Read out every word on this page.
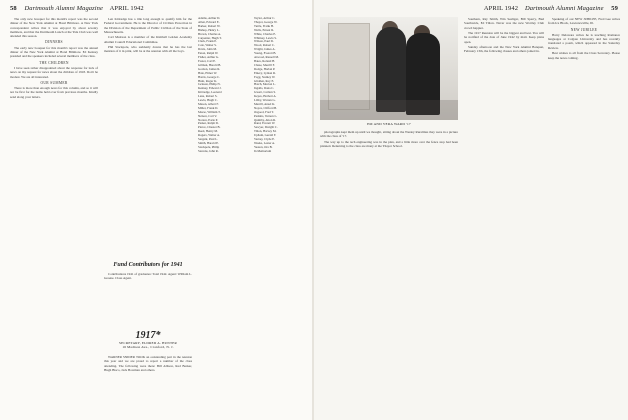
58 Dartmouth Alumni Magazine APRIL 1942

The only new bouquet for this month's report was the second dinner of the New York Alumni at Hotel Biltmore. A New York correspondent writes that it was enjoyed by about seventy members, and that the Dartmouth Lunch at the Yale Club was well attended this season.

DINNERS

The early new bouquet for this month's report was the annual dinner of the New York Alumni at Hotel Biltmore. Ed Kenney presided and the speakers included several members of the class.

THE CHILDREN

I have seen rather disappointed about the response for lack of news on my request for news about the children of 1918. Don't be modest. We are all interested.

OUR SUMMER

There is more than enough news for this column, and so it will not be first for the items held over from previous months. Kindly send along your letters.

Len Kittredge has a title long enough to qualify him for the Federal Government. He is the Director of Civilian Protection in the Division of the Department of Public Civilian of the State of Massachusetts.

Carl Muirson is a member of the Kimball Golden Academy Alumni Council Educational Committee.

Phil Stackpole, who suddenly dawns that he has the last mention of it in print, will be at the reunion with all the boys.

Fund Contributors for 1941

Contributions 1941 of graduates: Total 1942. Agent: William L. Greene. Class Agent.

1917*
SECRETARY, ELDRED A. HUNTER
16 Madison Ave., Cranford, N. J.

WARNER SNIDER TOOK an outstanding part in the reunion this year and we are proud to report a number of the class attending. The following were there: Bill Allison, Red Barker, Hugh Bisco, Jack Bowman and others.

Adams, Arthur D.
Allen, Edward E.
Barker, Robert W.
Bishop, Henry L.
Brown, Charles A.
Carpenter, Hugh T.
Clark, Frank P.
Cole, Walter S.
Davis, John M.
Eaton, Ralph W.
Fisher, Arthur G.
Foster, Carl E.
Gilman, Harold B.
Gordon, James R.
Hale, Elmer W.
Harris, George C.
Hunt, Roger K.
Jackson, Philip N.
Kenney, Edward J.
Kittredge, Leonard
Lane, Robert S.
Lewis, Hugh C.
Mason, Albert F.
Miller, Frank D.
Morse, William T.
Nelson, Carl V.
Norton, Earle P.
Parker, Ralph D.
Pierce, Chester B.
Reed, Henry M.
Rogers, Walter A.
Sargent, Paul L.
Smith, Harold E.
Stackpole, Philip
Stevens, John R.
Taylor, Arthur C.
Thayer, George W.
Tuttle, Frank H.
Wells, Ernest R.
White, Charles E.
Whitney, Lewis S.
Wilson, Paul D.
Wood, Robert C.
Wright, James A.
Young, Everett B.
Atwood, Russell M.
Bates, Roland H.
Chase, Merrill F.
Dodge, Harlan P.
Emery, Lyman R.
Fogg, Stanley W.
Glidden, Roy E.
Hatch, Morton L.
Ingalls, Dana C.
Jewett, Carlton S.
Keyes, Herbert A.
Libby, Warren G.
Merrill, Ansel K.
Noyes, Clifford B.
Osgood, Fred T.
Perkins, Vernon L.
Quimby, Alton R.
Rand, Everett W.
Sawyer, Dwight C.
Tilton, Harvey M.
Upham, Gerald F.
Varney, Clyde E.
Weeks, Lester A.
Yeaton, Ora B.
In Memoriam
APRIL 1942 Dartmouth Alumni Magazine 59

photographs kept them up until we thought, sitting about the Wesley Ruralities they were in a picture with the class of '17.

The way up to the tech engineering was in the plan, and a little more over the fence stop had been planned. Returning to the class are many at the Thayer School.

Southern, Ray Smith, Win Seeliger, Bill Sperry, Bud Southwick, Ed Tilton. Never was the new Wortley Club crowd happier.

The 1917 Reunion will be the biggest and best. You will be notified of the date of June 1942 by mail. Keep plans open.

Sunday afternoon and the New York Alumni Banquet, February 13th, the following classes and others joined in.

Speaking of our NEW JUBILEE, Fred Gee writes from Ice Block, Lawrenceville, Ill.

NEW JUBILEE

Harry Delaware writes he is teaching Romance languages at Colgate University and has recently translated a poem, which appeared in the Saturday Review.

Best wishes to all from the Class Secretary. Please keep the notes coming.

EM AND VERA WARD '17
